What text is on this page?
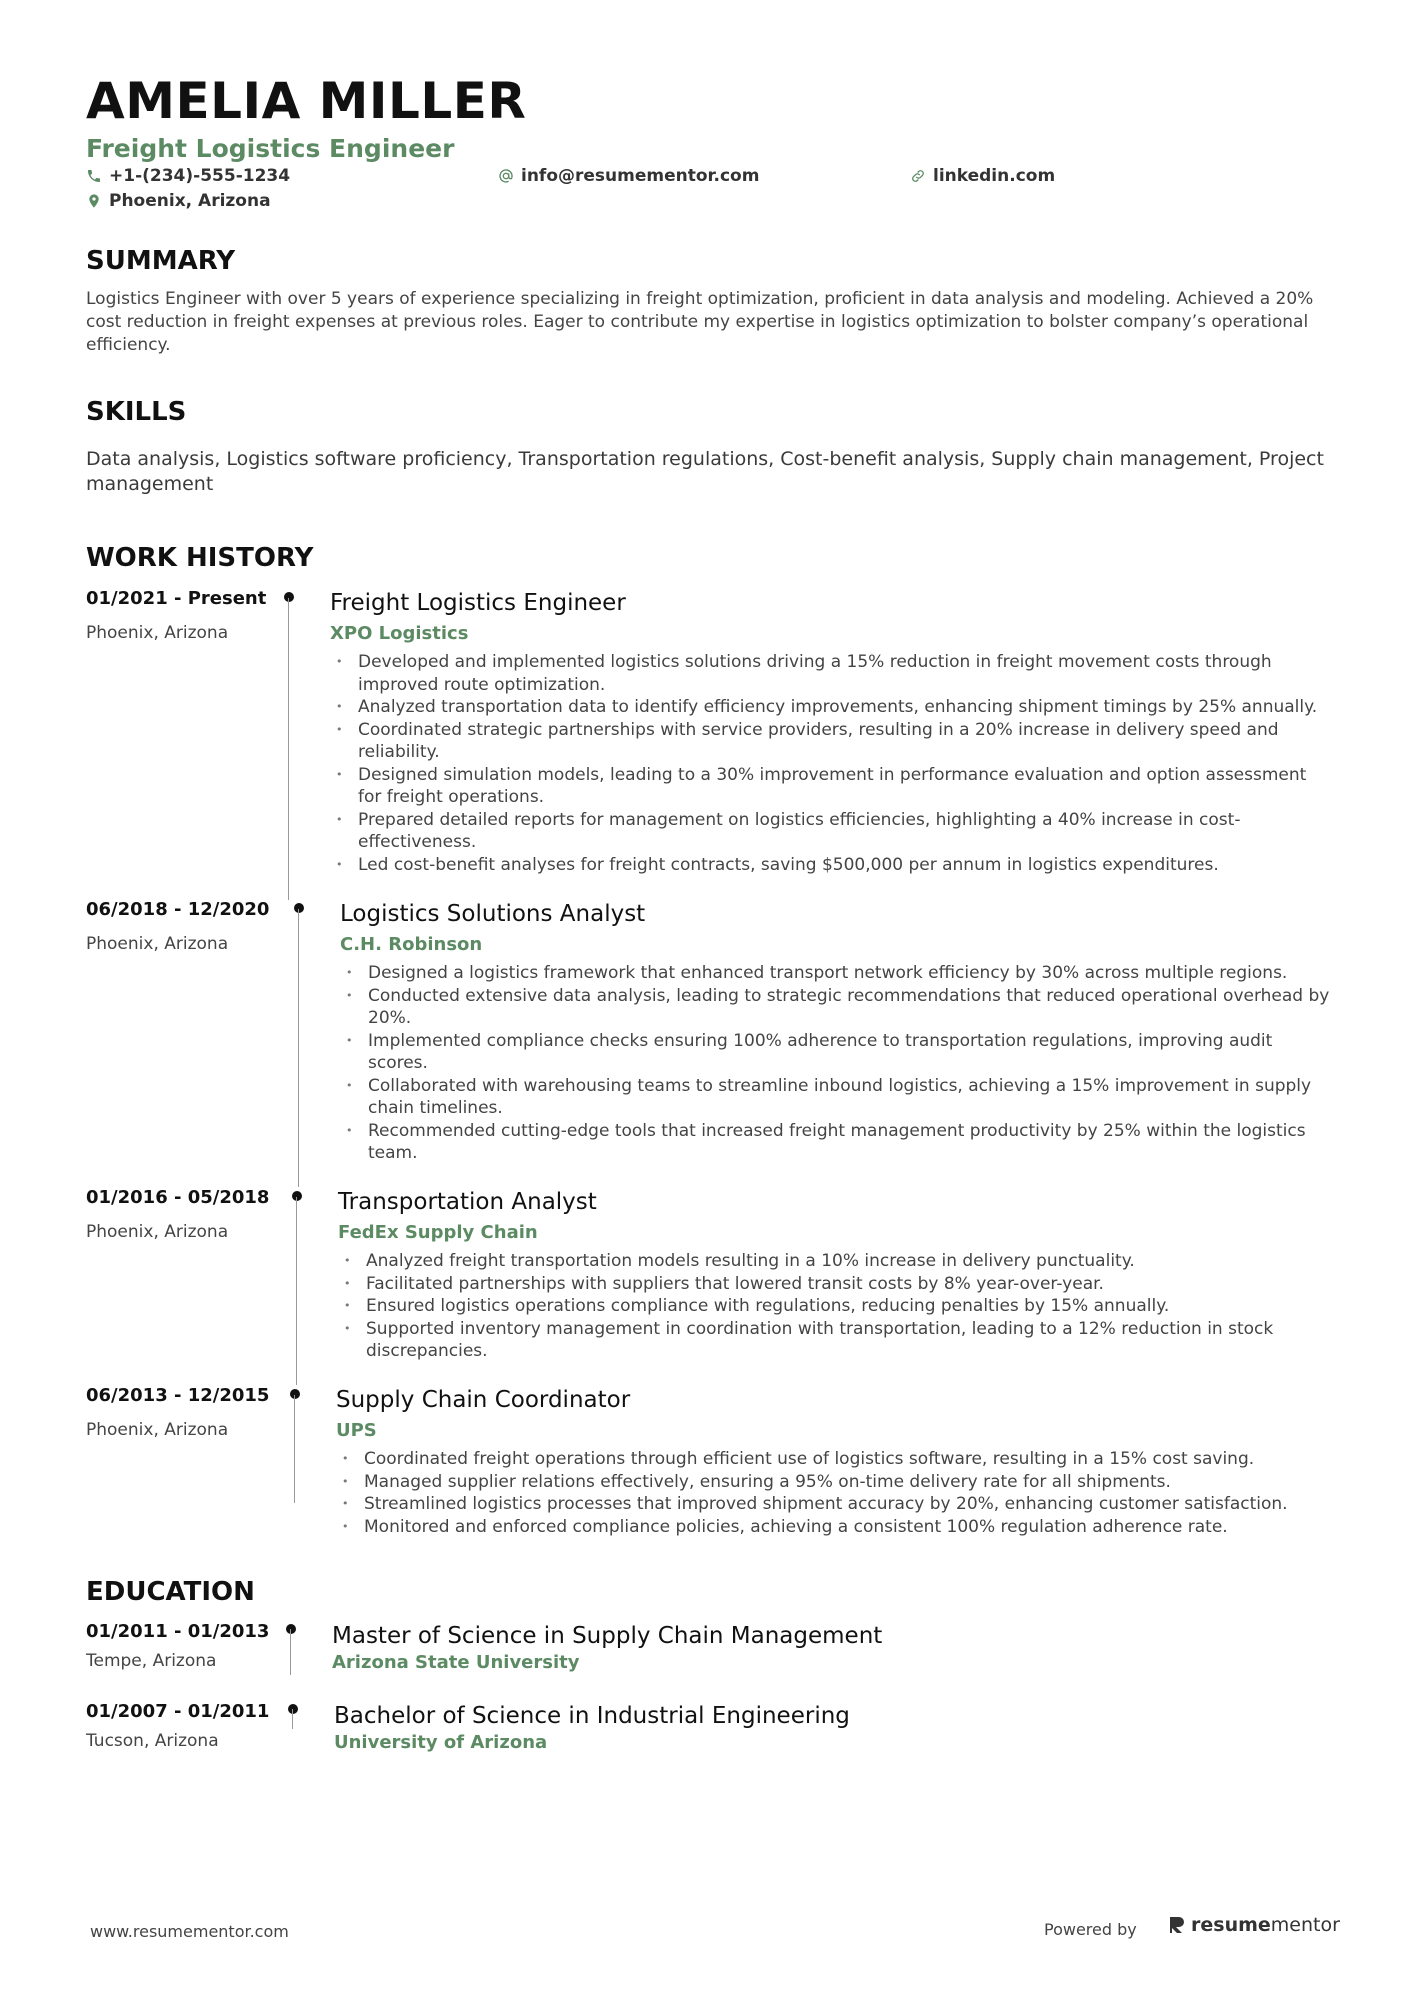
AMELIA MILLER
Freight Logistics Engineer
+1-(234)-555-1234	info@resumementor.com	linkedin.com
Phoenix, Arizona
SUMMARY
Logistics Engineer with over 5 years of experience specializing in freight optimization, proficient in data analysis and modeling. Achieved a 20% cost reduction in freight expenses at previous roles. Eager to contribute my expertise in logistics optimization to bolster company’s operational efficiency.
SKILLS
Data analysis, Logistics software proficiency, Transportation regulations, Cost-benefit analysis, Supply chain management, Project management
WORK HISTORY
01/2021 - Present
Phoenix, Arizona
Freight Logistics Engineer
XPO Logistics
• Developed and implemented logistics solutions driving a 15% reduction in freight movement costs through improved route optimization.
• Analyzed transportation data to identify efficiency improvements, enhancing shipment timings by 25% annually.
• Coordinated strategic partnerships with service providers, resulting in a 20% increase in delivery speed and reliability.
• Designed simulation models, leading to a 30% improvement in performance evaluation and option assessment for freight operations.
• Prepared detailed reports for management on logistics efficiencies, highlighting a 40% increase in cost-effectiveness.
• Led cost-benefit analyses for freight contracts, saving $500,000 per annum in logistics expenditures.
06/2018 - 12/2020
Phoenix, Arizona
Logistics Solutions Analyst
C.H. Robinson
• Designed a logistics framework that enhanced transport network efficiency by 30% across multiple regions.
• Conducted extensive data analysis, leading to strategic recommendations that reduced operational overhead by 20%.
• Implemented compliance checks ensuring 100% adherence to transportation regulations, improving audit scores.
• Collaborated with warehousing teams to streamline inbound logistics, achieving a 15% improvement in supply chain timelines.
• Recommended cutting-edge tools that increased freight management productivity by 25% within the logistics team.
01/2016 - 05/2018
Phoenix, Arizona
Transportation Analyst
FedEx Supply Chain
• Analyzed freight transportation models resulting in a 10% increase in delivery punctuality.
• Facilitated partnerships with suppliers that lowered transit costs by 8% year-over-year.
• Ensured logistics operations compliance with regulations, reducing penalties by 15% annually.
• Supported inventory management in coordination with transportation, leading to a 12% reduction in stock discrepancies.
06/2013 - 12/2015
Phoenix, Arizona
Supply Chain Coordinator
UPS
• Coordinated freight operations through efficient use of logistics software, resulting in a 15% cost saving.
• Managed supplier relations effectively, ensuring a 95% on-time delivery rate for all shipments.
• Streamlined logistics processes that improved shipment accuracy by 20%, enhancing customer satisfaction.
• Monitored and enforced compliance policies, achieving a consistent 100% regulation adherence rate.
EDUCATION
01/2011 - 01/2013
Tempe, Arizona
Master of Science in Supply Chain Management
Arizona State University
01/2007 - 01/2011
Tucson, Arizona
Bachelor of Science in Industrial Engineering
University of Arizona
www.resumementor.com	Powered by	resumementor
